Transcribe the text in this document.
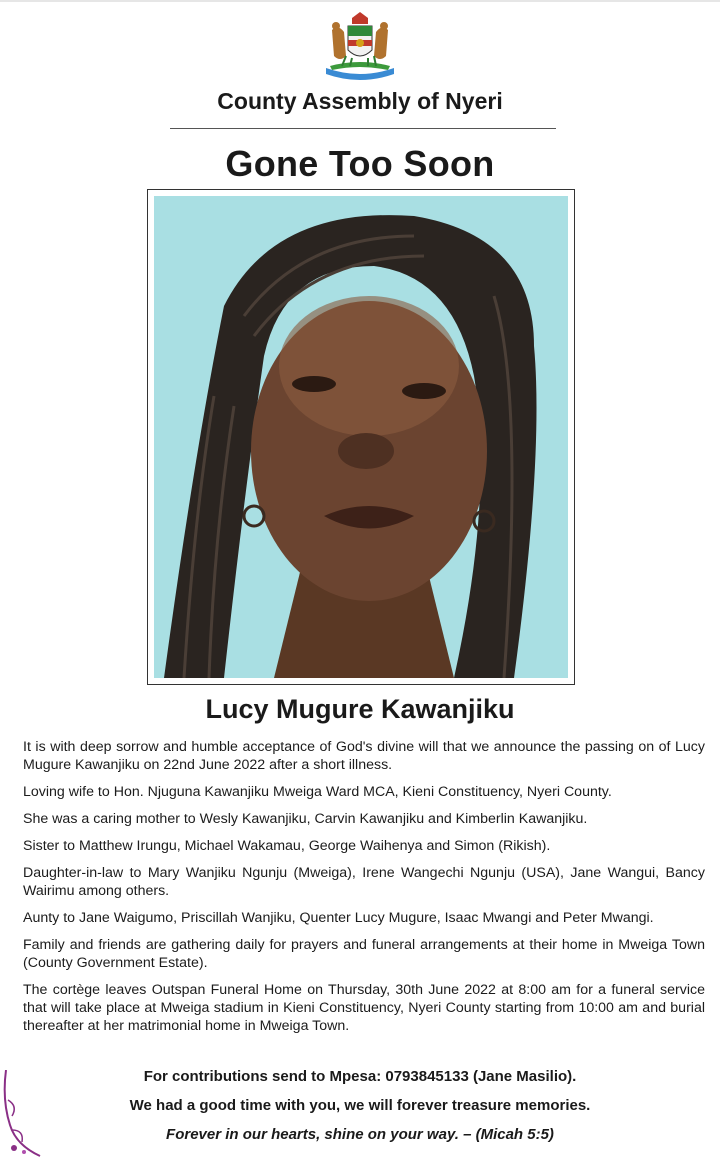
County Assembly of Nyeri
Gone Too Soon
Lucy Mugure Kawanjiku

It is with deep sorrow and humble acceptance of God's divine will that we announce the passing on of Lucy Mugure Kawanjiku on 22nd June 2022 after a short illness.

Loving wife to Hon. Njuguna Kawanjiku Mweiga Ward MCA, Kieni Constituency, Nyeri County.

She was a caring mother to Wesly Kawanjiku, Carvin Kawanjiku and Kimberlin Kawanjiku.

Sister to Matthew Irungu, Michael Wakamau, George Waihenya and Simon (Rikish).

Daughter-in-law to Mary Wanjiku Ngunju (Mweiga), Irene Wangechi Ngunju (USA), Jane Wangui, Bancy Wairimu among others.

Aunty to Jane Waigumo, Priscillah Wanjiku, Quenter Lucy Mugure, Isaac Mwangi and Peter Mwangi.

Family and friends are gathering daily for prayers and funeral arrangements at their home in Mweiga Town (County Government Estate).

The cortège leaves Outspan Funeral Home on Thursday, 30th June 2022 at 8:00 am for a funeral service that will take place at Mweiga stadium in Kieni Constituency, Nyeri County starting from 10:00 am and burial thereafter at her matrimonial home in Mweiga Town.

For contributions send to Mpesa: 0793845133 (Jane Masilio).
We had a good time with you, we will forever treasure memories.
Forever in our hearts, shine on your way. – (Micah 5:5)
